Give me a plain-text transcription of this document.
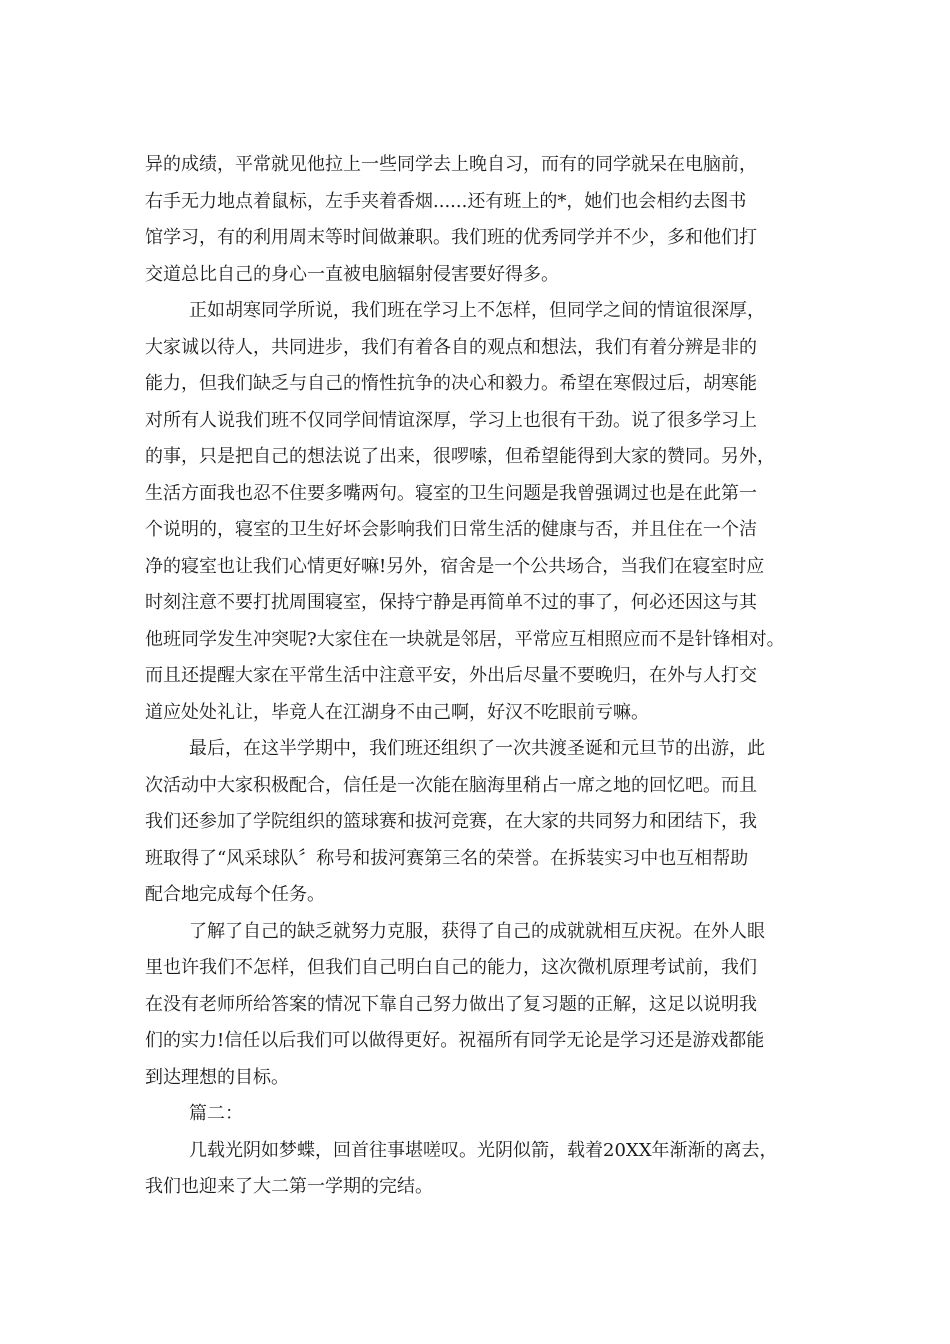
异的成绩，平常就见他拉上一些同学去上晚自习，而有的同学就呆在电脑前，
右手无力地点着鼠标，左手夹着香烟......还有班上的*，她们也会相约去图书
馆学习，有的利用周末等时间做兼职。我们班的优秀同学并不少，多和他们打
交道总比自己的身心一直被电脑辐射侵害要好得多。
正如胡寒同学所说，我们班在学习上不怎样，但同学之间的情谊很深厚，
大家诚以待人，共同进步，我们有着各自的观点和想法，我们有着分辨是非的
能力，但我们缺乏与自己的惰性抗争的决心和毅力。希望在寒假过后，胡寒能
对所有人说我们班不仅同学间情谊深厚，学习上也很有干劲。说了很多学习上
的事，只是把自己的想法说了出来，很啰嗦，但希望能得到大家的赞同。另外，
生活方面我也忍不住要多嘴两句。寝室的卫生问题是我曾强调过也是在此第一
个说明的，寝室的卫生好坏会影响我们日常生活的健康与否，并且住在一个洁
净的寝室也让我们心情更好嘛!另外，宿舍是一个公共场合，当我们在寝室时应
时刻注意不要打扰周围寝室，保持宁静是再简单不过的事了，何必还因这与其
他班同学发生冲突呢?大家住在一块就是邻居，平常应互相照应而不是针锋相对。
而且还提醒大家在平常生活中注意平安，外出后尽量不要晚归，在外与人打交
道应处处礼让，毕竟人在江湖身不由己啊，好汉不吃眼前亏嘛。
最后，在这半学期中，我们班还组织了一次共渡圣诞和元旦节的出游，此
次活动中大家积极配合，信任是一次能在脑海里稍占一席之地的回忆吧。而且
我们还参加了学院组织的篮球赛和拔河竞赛，在大家的共同努力和团结下，我
班取得了“风采球队〞称号和拔河赛第三名的荣誉。在拆装实习中也互相帮助
配合地完成每个任务。
了解了自己的缺乏就努力克服，获得了自己的成就就相互庆祝。在外人眼
里也许我们不怎样，但我们自己明白自己的能力，这次微机原理考试前，我们
在没有老师所给答案的情况下靠自己努力做出了复习题的正解，这足以说明我
们的实力!信任以后我们可以做得更好。祝福所有同学无论是学习还是游戏都能
到达理想的目标。
篇二：
几载光阴如梦蝶，回首往事堪嗟叹。光阴似箭，载着20XX年渐渐的离去，
我们也迎来了大二第一学期的完结。
